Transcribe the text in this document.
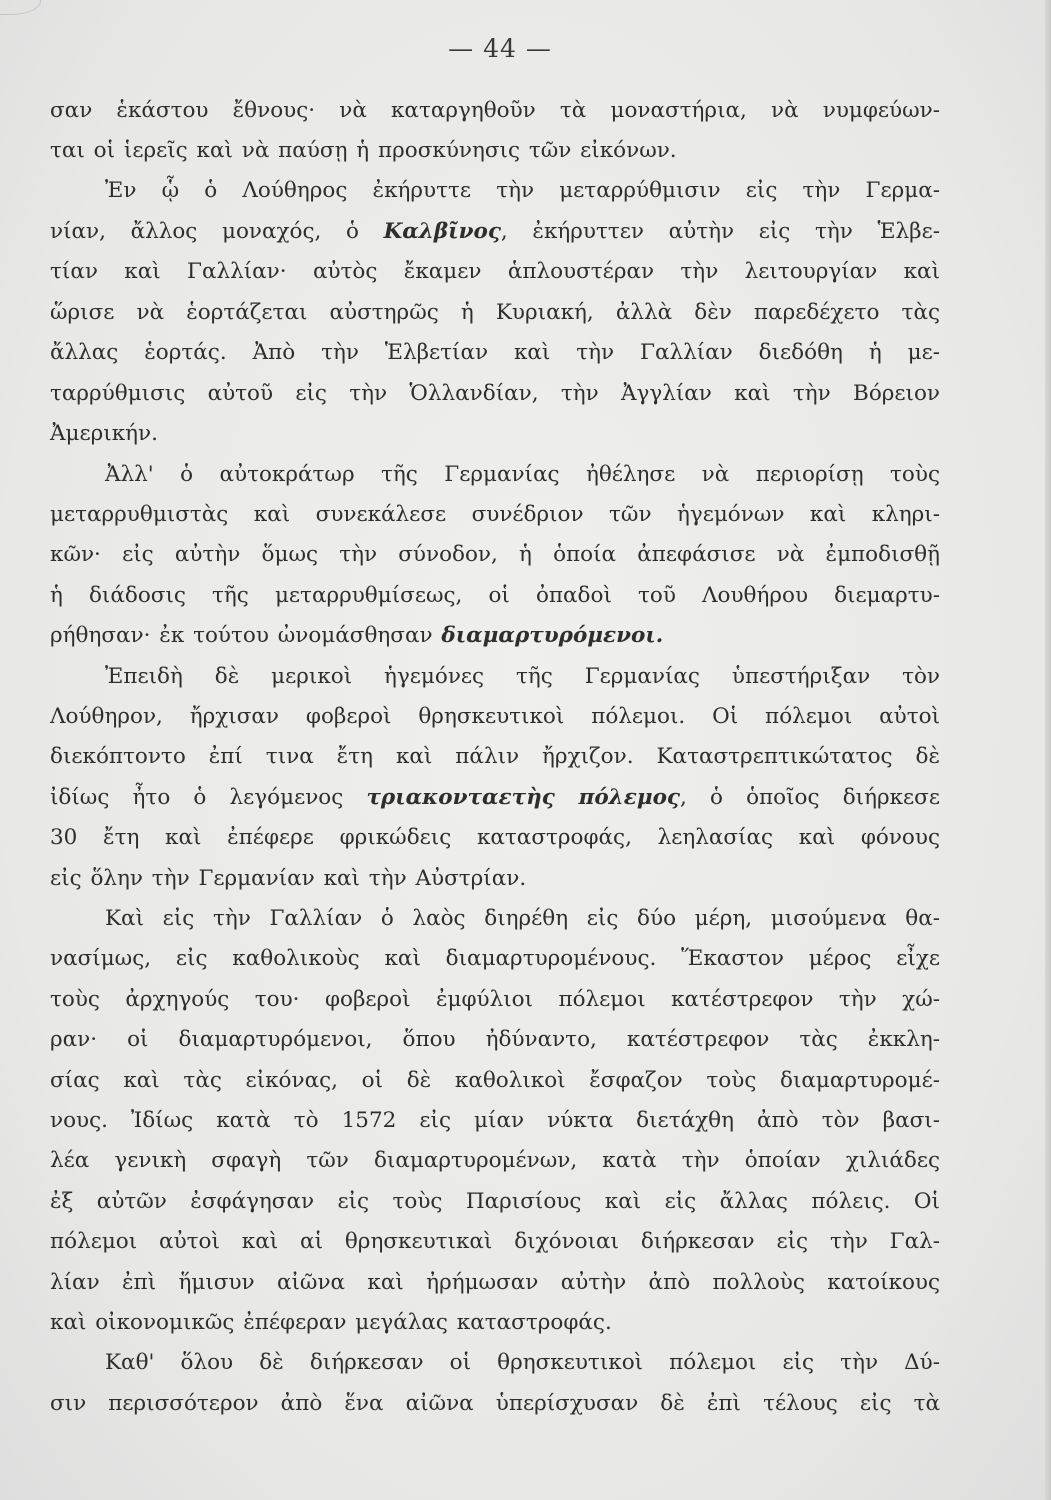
— 44 —
σαν ἑκάστου ἔθνους· νὰ καταργηθοῦν τὰ μοναστήρια, νὰ νυμφεύων-
ται οἱ ἱερεῖς καὶ νὰ παύσῃ ἡ προσκύνησις τῶν εἰκόνων.
Ἐν ᾧ ὁ Λούθηρος ἐκήρυττε τὴν μεταρρύθμισιν εἰς τὴν Γερμα-
νίαν, ἄλλος μοναχός, ὁ Καλβῖνος, ἐκήρυττεν αὐτὴν εἰς τὴν Ἑλβε-
τίαν καὶ Γαλλίαν· αὐτὸς ἔκαμεν ἁπλουστέραν τὴν λειτουργίαν καὶ
ὥρισε νὰ ἑορτάζεται αὐστηρῶς ἡ Κυριακή, ἀλλὰ δὲν παρεδέχετο τὰς
ἄλλας ἑορτάς. Ἀπὸ τὴν Ἑλβετίαν καὶ τὴν Γαλλίαν διεδόθη ἡ με-
ταρρύθμισις αὐτοῦ εἰς τὴν Ὁλλανδίαν, τὴν Ἀγγλίαν καὶ τὴν Βόρειον
Ἀμερικήν.
Ἀλλ' ὁ αὐτοκράτωρ τῆς Γερμανίας ἠθέλησε νὰ περιορίσῃ τοὺς
μεταρρυθμιστὰς καὶ συνεκάλεσε συνέδριον τῶν ἡγεμόνων καὶ κληρι-
κῶν· εἰς αὐτὴν ὅμως τὴν σύνοδον, ἡ ὁποία ἀπεφάσισε νὰ ἐμποδισθῇ
ἡ διάδοσις τῆς μεταρρυθμίσεως, οἱ ὀπαδοὶ τοῦ Λουθήρου διεμαρτυ-
ρήθησαν· ἐκ τούτου ὠνομάσθησαν διαμαρτυρόμενοι.
Ἐπειδὴ δὲ μερικοὶ ἡγεμόνες τῆς Γερμανίας ὑπεστήριξαν τὸν
Λούθηρον, ἤρχισαν φοβεροὶ θρησκευτικοὶ πόλεμοι. Οἱ πόλεμοι αὐτοὶ
διεκόπτοντο ἐπί τινα ἔτη καὶ πάλιν ἤρχιζον. Καταστρεπτικώτατος δὲ
ἰδίως ἦτο ὁ λεγόμενος τριακονταετὴς πόλεμος, ὁ ὁποῖος διήρκεσε
30 ἔτη καὶ ἐπέφερε φρικώδεις καταστροφάς, λεηλασίας καὶ φόνους
εἰς ὅλην τὴν Γερμανίαν καὶ τὴν Αὐστρίαν.
Καὶ εἰς τὴν Γαλλίαν ὁ λαὸς διηρέθη εἰς δύο μέρη, μισούμενα θα-
νασίμως, εἰς καθολικοὺς καὶ διαμαρτυρομένους. Ἕκαστον μέρος εἶχε
τοὺς ἀρχηγούς του· φοβεροὶ ἐμφύλιοι πόλεμοι κατέστρεφον τὴν χώ-
ραν· οἱ διαμαρτυρόμενοι, ὅπου ἠδύναντο, κατέστρεφον τὰς ἐκκλη-
σίας καὶ τὰς εἰκόνας, οἱ δὲ καθολικοὶ ἔσφαζον τοὺς διαμαρτυρομέ-
νους. Ἰδίως κατὰ τὸ 1572 εἰς μίαν νύκτα διετάχθη ἀπὸ τὸν βασι-
λέα γενικὴ σφαγὴ τῶν διαμαρτυρομένων, κατὰ τὴν ὁποίαν χιλιάδες
ἐξ αὐτῶν ἐσφάγησαν εἰς τοὺς Παρισίους καὶ εἰς ἄλλας πόλεις. Οἱ
πόλεμοι αὐτοὶ καὶ αἱ θρησκευτικαὶ διχόνοιαι διήρκεσαν εἰς τὴν Γαλ-
λίαν ἐπὶ ἥμισυν αἰῶνα καὶ ἠρήμωσαν αὐτὴν ἀπὸ πολλοὺς κατοίκους
καὶ οἰκονομικῶς ἐπέφεραν μεγάλας καταστροφάς.
Καθ' ὅλου δὲ διήρκεσαν οἱ θρησκευτικοὶ πόλεμοι εἰς τὴν Δύ-
σιν περισσότερον ἀπὸ ἕνα αἰῶνα ὑπερίσχυσαν δὲ ἐπὶ τέλους εἰς τὰ
